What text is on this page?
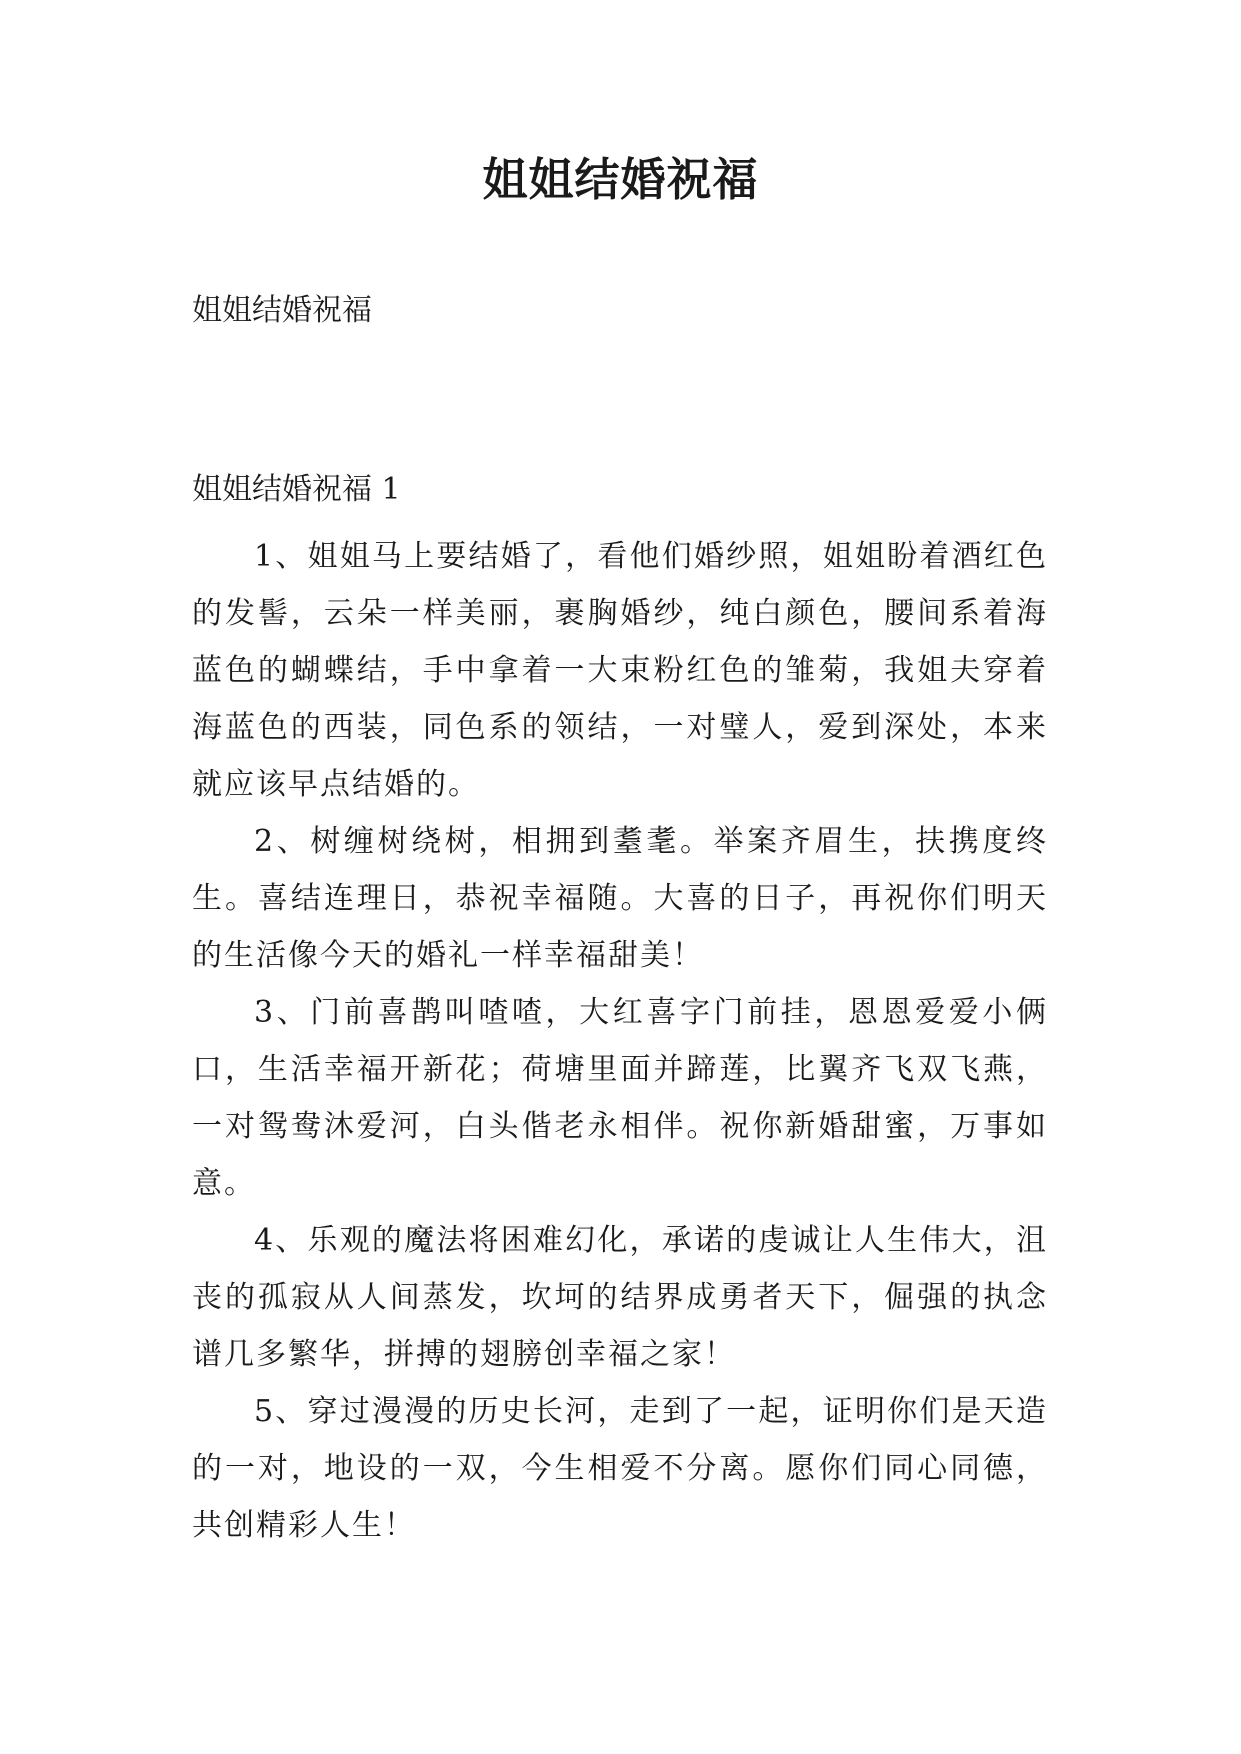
姐姐结婚祝福

姐姐结婚祝福

姐姐结婚祝福 1

1、姐姐马上要结婚了，看他们婚纱照，姐姐盼着酒红色的发髻，云朵一样美丽，裹胸婚纱，纯白颜色，腰间系着海蓝色的蝴蝶结，手中拿着一大束粉红色的雏菊，我姐夫穿着海蓝色的西装，同色系的领结，一对璧人，爱到深处，本来就应该早点结婚的。

2、树缠树绕树，相拥到耋耄。举案齐眉生，扶携度终生。喜结连理日，恭祝幸福随。大喜的日子，再祝你们明天的生活像今天的婚礼一样幸福甜美！

3、门前喜鹊叫喳喳，大红喜字门前挂，恩恩爱爱小俩口，生活幸福开新花；荷塘里面并蹄莲，比翼齐飞双飞燕，一对鸳鸯沐爱河，白头偕老永相伴。祝你新婚甜蜜，万事如意。

4、乐观的魔法将困难幻化，承诺的虔诚让人生伟大，沮丧的孤寂从人间蒸发，坎坷的结界成勇者天下，倔强的执念谱几多繁华，拼搏的翅膀创幸福之家！

5、穿过漫漫的历史长河，走到了一起，证明你们是天造的一对，地设的一双，今生相爱不分离。愿你们同心同德，共创精彩人生！
